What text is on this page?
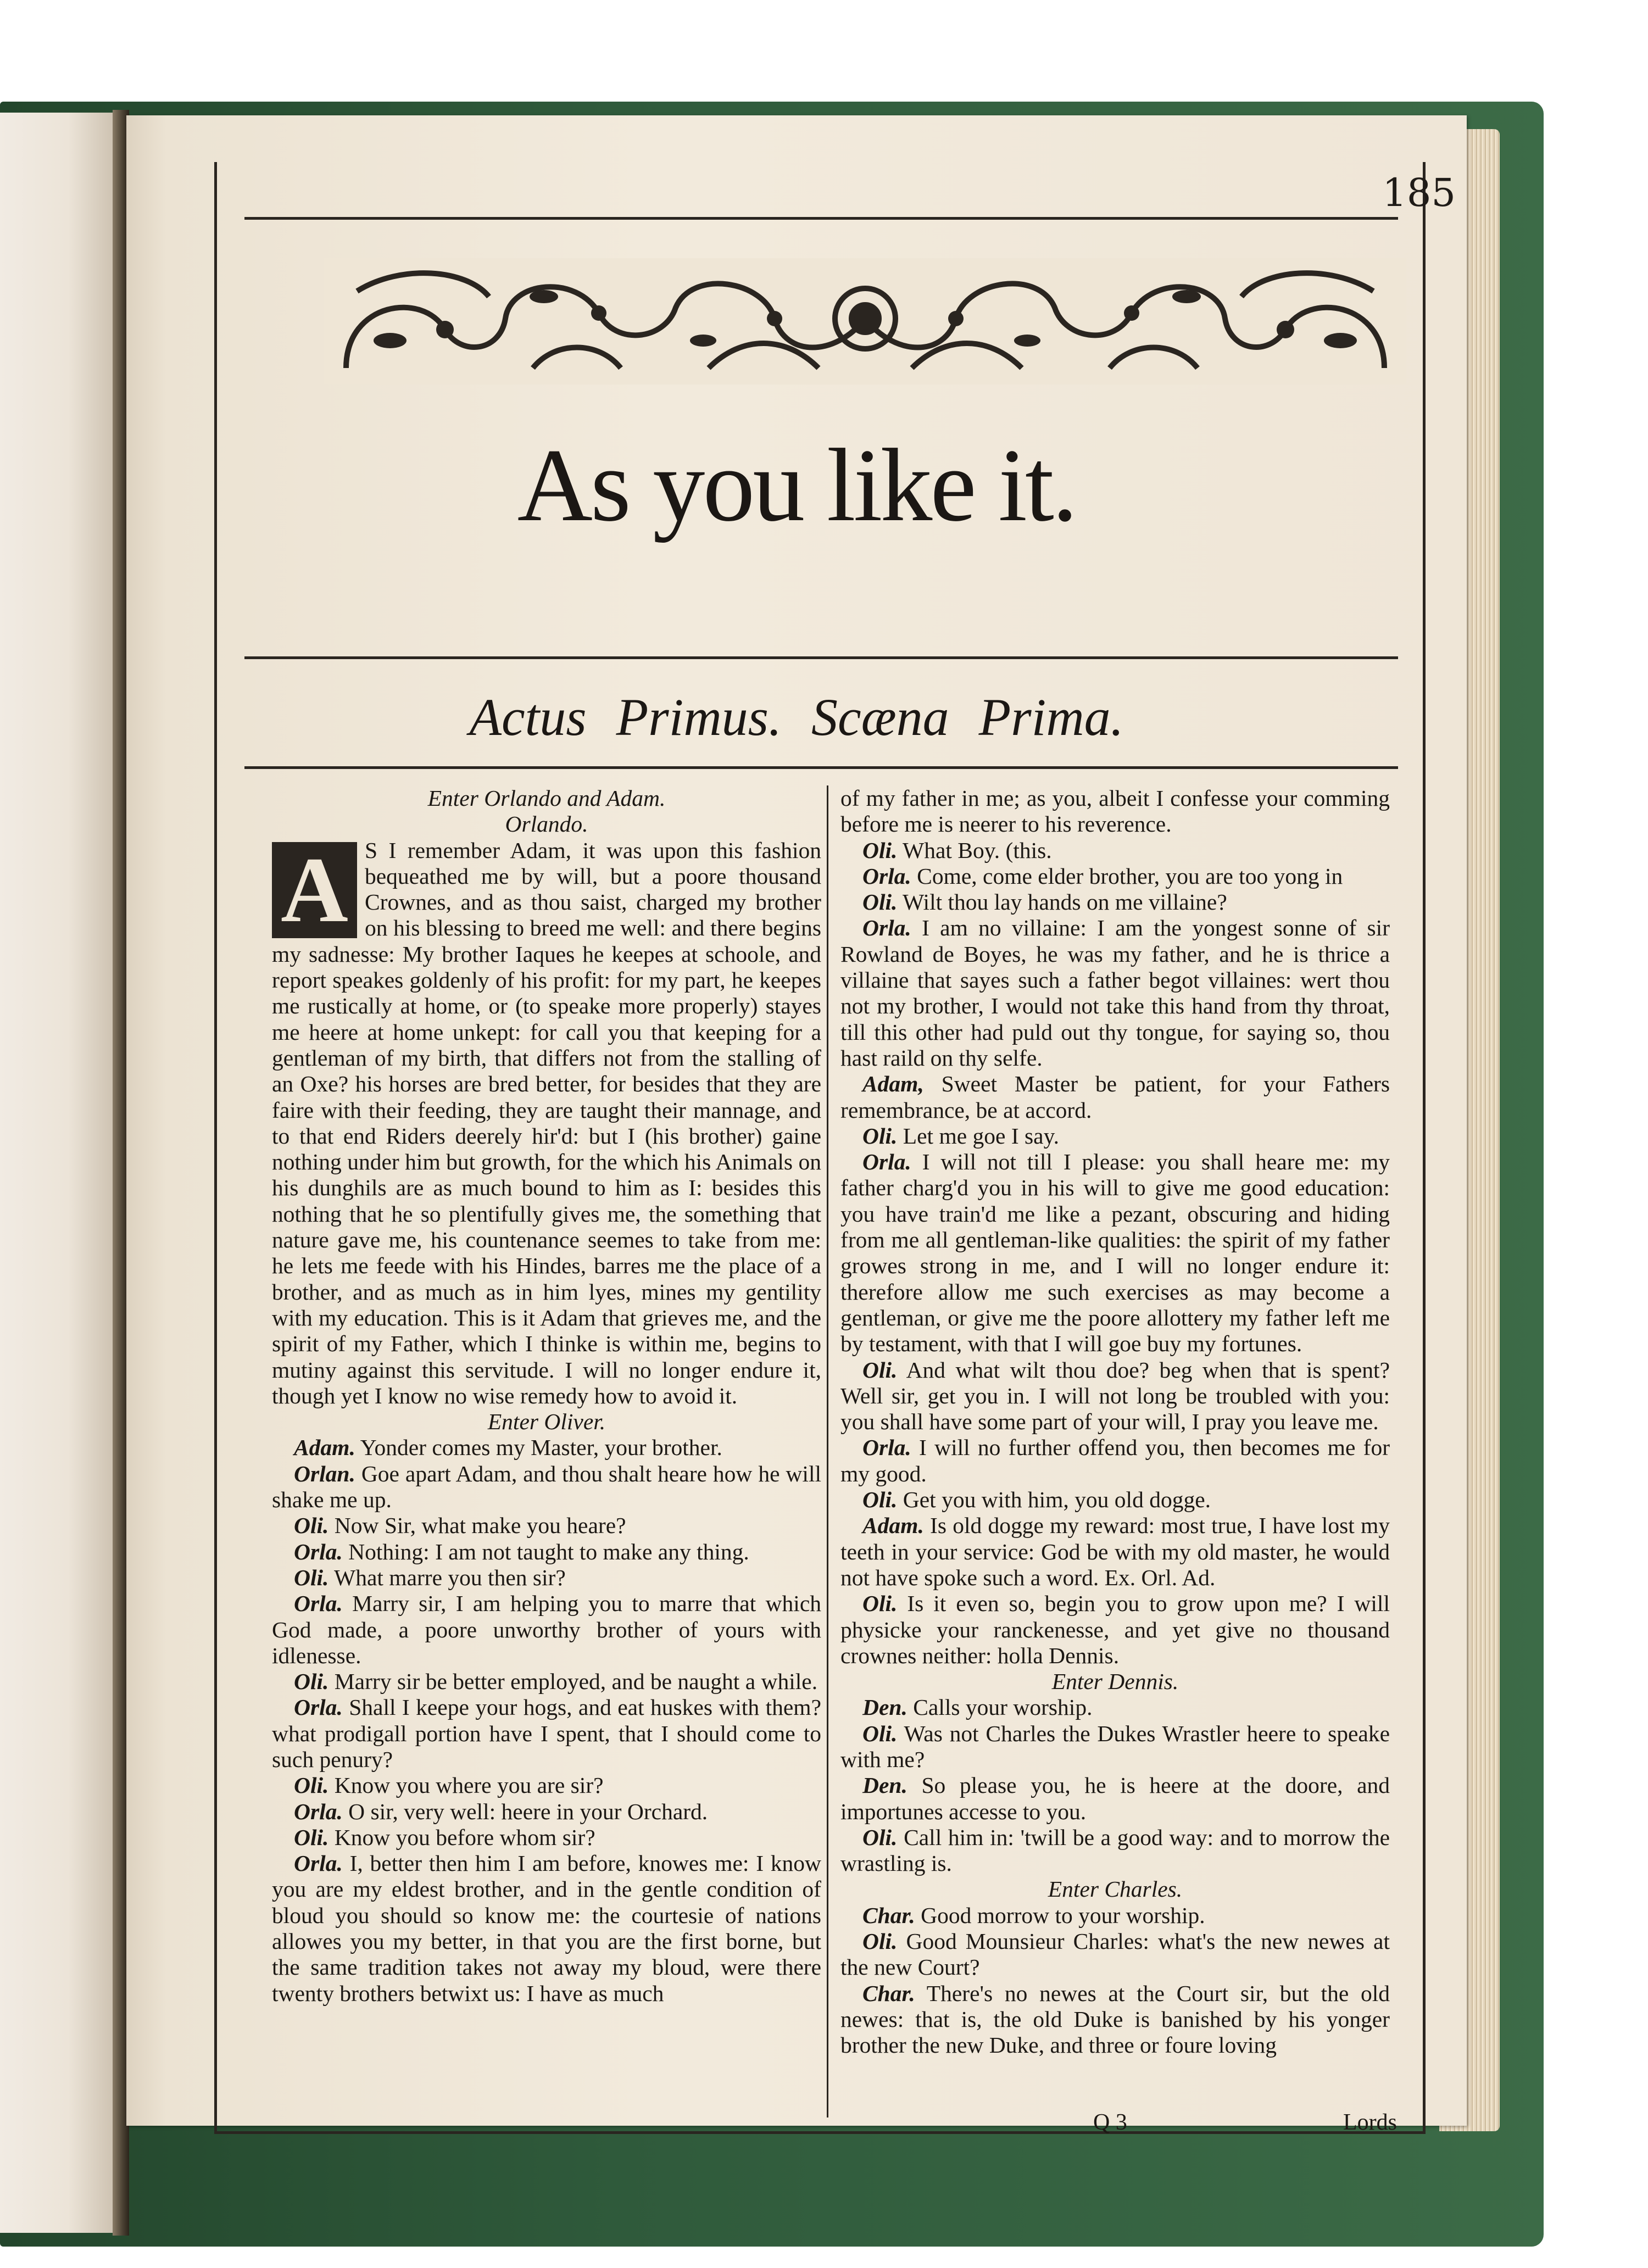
185
As you like it.
Actus Primus. Scæna Prima.

Enter Orlando and Adam.

Orlando.

A S I remember Adam, it was upon this fashion bequeathed me by will, but a poore thousand Crownes, and as thou saist, charged my brother on his blessing to breed me well: and there begins my sadnesse: My brother Iaques he keepes at schoole, and report speakes goldenly of his profit: for my part, he keepes me rustically at home, or (to speake more properly) stayes me heere at home unkept: for call you that keeping for a gentleman of my birth, that differs not from the stalling of an Oxe? his horses are bred better, for besides that they are faire with their feeding, they are taught their mannage, and to that end Riders deerely hir'd: but I (his brother) gaine nothing under him but growth, for the which his Animals on his dunghils are as much bound to him as I: besides this nothing that he so plentifully gives me, the something that nature gave me, his countenance seemes to take from me: he lets me feede with his Hindes, barres me the place of a brother, and as much as in him lyes, mines my gentility with my education. This is it Adam that grieves me, and the spirit of my Father, which I thinke is within me, begins to mutiny against this servitude. I will no longer endure it, though yet I know no wise remedy how to avoid it.

Enter Oliver.

Adam. Yonder comes my Master, your brother.

Orlan. Goe apart Adam, and thou shalt heare how he will shake me up.

Oli. Now Sir, what make you heare?

Orla. Nothing: I am not taught to make any thing.

Oli. What marre you then sir?

Orla. Marry sir, I am helping you to marre that which God made, a poore unworthy brother of yours with idlenesse.

Oli. Marry sir be better employed, and be naught a while.

Orla. Shall I keepe your hogs, and eat huskes with them? what prodigall portion have I spent, that I should come to such penury?

Oli. Know you where you are sir?

Orla. O sir, very well: heere in your Orchard.

Oli. Know you before whom sir?

Orla. I, better then him I am before, knowes me: I know you are my eldest brother, and in the gentle condition of bloud you should so know me: the courtesie of nations allowes you my better, in that you are the first borne, but the same tradition takes not away my bloud, were there twenty brothers betwixt us: I have as much

of my father in me; as you, albeit I confesse your comming before me is neerer to his reverence.

Oli. What Boy. (this.

Orla. Come, come elder brother, you are too yong in

Oli. Wilt thou lay hands on me villaine?

Orla. I am no villaine: I am the yongest sonne of sir Rowland de Boyes, he was my father, and he is thrice a villaine that sayes such a father begot villaines: wert thou not my brother, I would not take this hand from thy throat, till this other had puld out thy tongue, for saying so, thou hast raild on thy selfe.

Adam, Sweet Master be patient, for your Fathers remembrance, be at accord.

Oli. Let me goe I say.

Orla. I will not till I please: you shall heare me: my father charg'd you in his will to give me good education: you have train'd me like a pezant, obscuring and hiding from me all gentleman-like qualities: the spirit of my father growes strong in me, and I will no longer endure it: therefore allow me such exercises as may become a gentleman, or give me the poore allottery my father left me by testament, with that I will goe buy my fortunes.

Oli. And what wilt thou doe? beg when that is spent? Well sir, get you in. I will not long be troubled with you: you shall have some part of your will, I pray you leave me.

Orla. I will no further offend you, then becomes me for my good.

Oli. Get you with him, you old dogge.

Adam. Is old dogge my reward: most true, I have lost my teeth in your service: God be with my old master, he would not have spoke such a word. Ex. Orl. Ad.

Oli. Is it even so, begin you to grow upon me? I will physicke your ranckenesse, and yet give no thousand crownes neither: holla Dennis.

Enter Dennis.

Den. Calls your worship.

Oli. Was not Charles the Dukes Wrastler heere to speake with me?

Den. So please you, he is heere at the doore, and importunes accesse to you.

Oli. Call him in: 'twill be a good way: and to morrow the wrastling is.

Enter Charles.

Char. Good morrow to your worship.

Oli. Good Mounsieur Charles: what's the new newes at the new Court?

Char. There's no newes at the Court sir, but the old newes: that is, the old Duke is banished by his yonger brother the new Duke, and three or foure loving

Q 3	Lords
